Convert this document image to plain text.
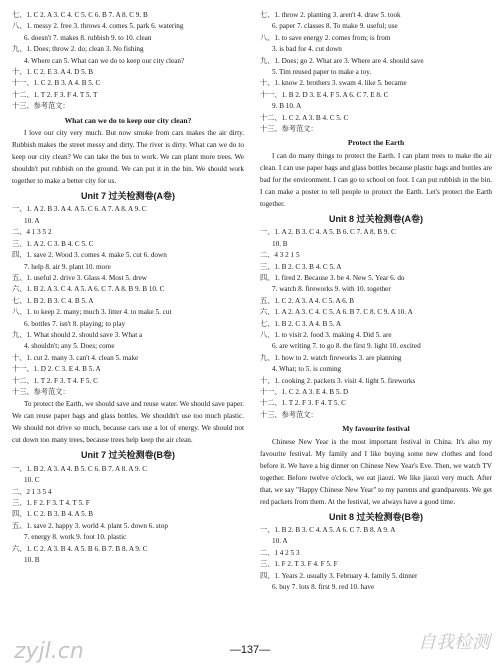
七、1. C 2. A 3. C 4. C 5. C 6. B 7. A 8. C 9. B
八、1. messy 2. free 3. throws 4. comes 5. park 6. watering
6. doesn't 7. makes 8. rubbish 9. to 10. clean
九、1. Does; throw 2. do; clean 3. No fishing
4. Where can 5. What can we do to keep our city clean?
十、1. C 2. E 3. A 4. D 5. B
十一、1. C 2. B 3. A 4. B 5. C
十二、1. T 2. F 3. F 4. T 5. T
十三、参考范文：
What can we do to keep our city clean?
I love our city very much. But now smoke from cars makes the air dirty. Rubbish makes the street messy and dirty. The river is dirty. What can we do to keep our city clean? We can take the bus to work. We can plant more trees. We shouldn't put rubbish on the ground. We can put it in the bin. We should work together to make a better city for us.
Unit 7 过关检测卷(A卷)
一、1. A 2. B 3. A 4. A 5. C 6. A 7. A 8. A 9. C
10. A
二、4 1 3 5 2
三、1. A 2. C 3. B 4. C 5. C
四、1. save 2. Wood 3. comes 4. make 5. cut 6. down
7. help 8. air 9. plant 10. more
五、1. useful 2. drive 3. Glass 4. Most 5. drew
六、1. B 2. A 3. C 4. A 5. A 6. C 7. A 8. B 9. B 10. C
七、1. B 2. B 3. C 4. B 5. A
八、1. to keep 2. many; much 3. litter 4. to make 5. cut
6. bottles 7. isn't 8. playing; to play
九、1. What should 2. should save 3. What a
4. shouldn't; any 5. Does; come
十、1. cut 2. many 3. can't 4. clean 5. make
十一、1. D 2. C 3. E 4. B 5. A
十二、1. T 2. F 3. T 4. F 5. C
十三、参考范文：
To protect the Earth, we should save and reuse water. We should save paper. We can reuse paper bags and glass bottles. We shouldn't use too much plastic. We should not drive so much, because cars use a lot of energy. We should not cut down too many trees, because trees help keep the air clean.
Unit 7 过关检测卷(B卷)
一、1. B 2. A 3. A 4. B 5. C 6. B 7. A 8. A 9. C
10. C
二、2 1 3 5 4
三、1. F 2. F 3. T 4. T 5. F
四、1. C 2. B 3. B 4. A 5. B
五、1. save 2. happy 3. world 4. plant 5. down 6. stop
7. energy 8. work 9. foot 10. plastic
六、1. C 2. A 3. B 4. A 5. B 6. B 7. B 8. A 9. C
10. B
七、1. throw 2. planting 3. aren't 4. draw 5. took
6. paper 7. classes 8. To make 9. useful; use
八、1. to save energy 2. comes from; is from
3. is bad for 4. cut down
九、1. Does; go 2. What are 3. Where are 4. should save
5. Tim reused paper to make a toy.
十、1. know 2. brothers 3. swam 4. like 5. became
十一、1. B 2. D 3. E 4. F 5. A 6. C 7. E 8. C
9. B 10. A
十二、1. C 2. A 3. B 4. C 5. C
十三、参考范文：
Protect the Earth
I can do many things to protect the Earth. I can plant trees to make the air clean. I can use paper bags and glass bottles because plastic bags and bottles are bad for the environment. I can go to school on foot. I can put rubbish in the bin. I can make a poster to tell people to protect the Earth. Let's protect the Earth together.
Unit 8 过关检测卷(A卷)
一、1. A 2. B 3. C 4. A 5. B 6. C 7. A 8. B 9. C
10. B
二、4 3 2 1 5
三、1. B 2. C 3. B 4. C 5. A
四、1. fired 2. Because 3. be 4. New 5. Year 6. do
7. watch 8. fireworks 9. with 10. together
五、1. C 2. A 3. A 4. C 5. A 6. B
六、1. A 2. A 3. C 4. C 5. A 6. B 7. C 8. C 9. A 10. A
七、1. B 2. C 3. A 4. B 5. A
八、1. to visit 2. food 3. making 4. Did 5. are
6. are writing 7. to go 8. the first 9. light 10. excited
九、1. how to 2. watch fireworks 3. are planning
4. What; to 5. is coming
十、1. cooking 2. packets 3. visit 4. light 5. fireworks
十一、1. C 2. A 3. E 4. B 5. D
十二、1. T 2. F 3. F 4. T 5. C
十三、参考范文：
My favourite festival
Chinese New Year is the most important festival in China. It's also my favourite festival. My family and I like buying some new clothes and food before it. We have a big dinner on Chinese New Year's Eve. Then, we watch TV together. Before twelve o'clock, we eat jiaozi. We like jiaozi very much. After that, we say "Happy Chinese New Year" to my parents and grandparents. We get red packets from them. At the festival, we always have a good time.
Unit 8 过关检测卷(B卷)
一、1. B 2. B 3. C 4. A 5. A 6. C 7. B 8. A 9. A
10. A
二、1 4 2 5 3
三、1. F 2. T 3. F 4. F 5. F
四、1. Years 2. usually 3. February 4. family 5. dinner
6. buy 7. lots 8. first 9. red 10. have
—137—
zyjl.cn	自我检测
